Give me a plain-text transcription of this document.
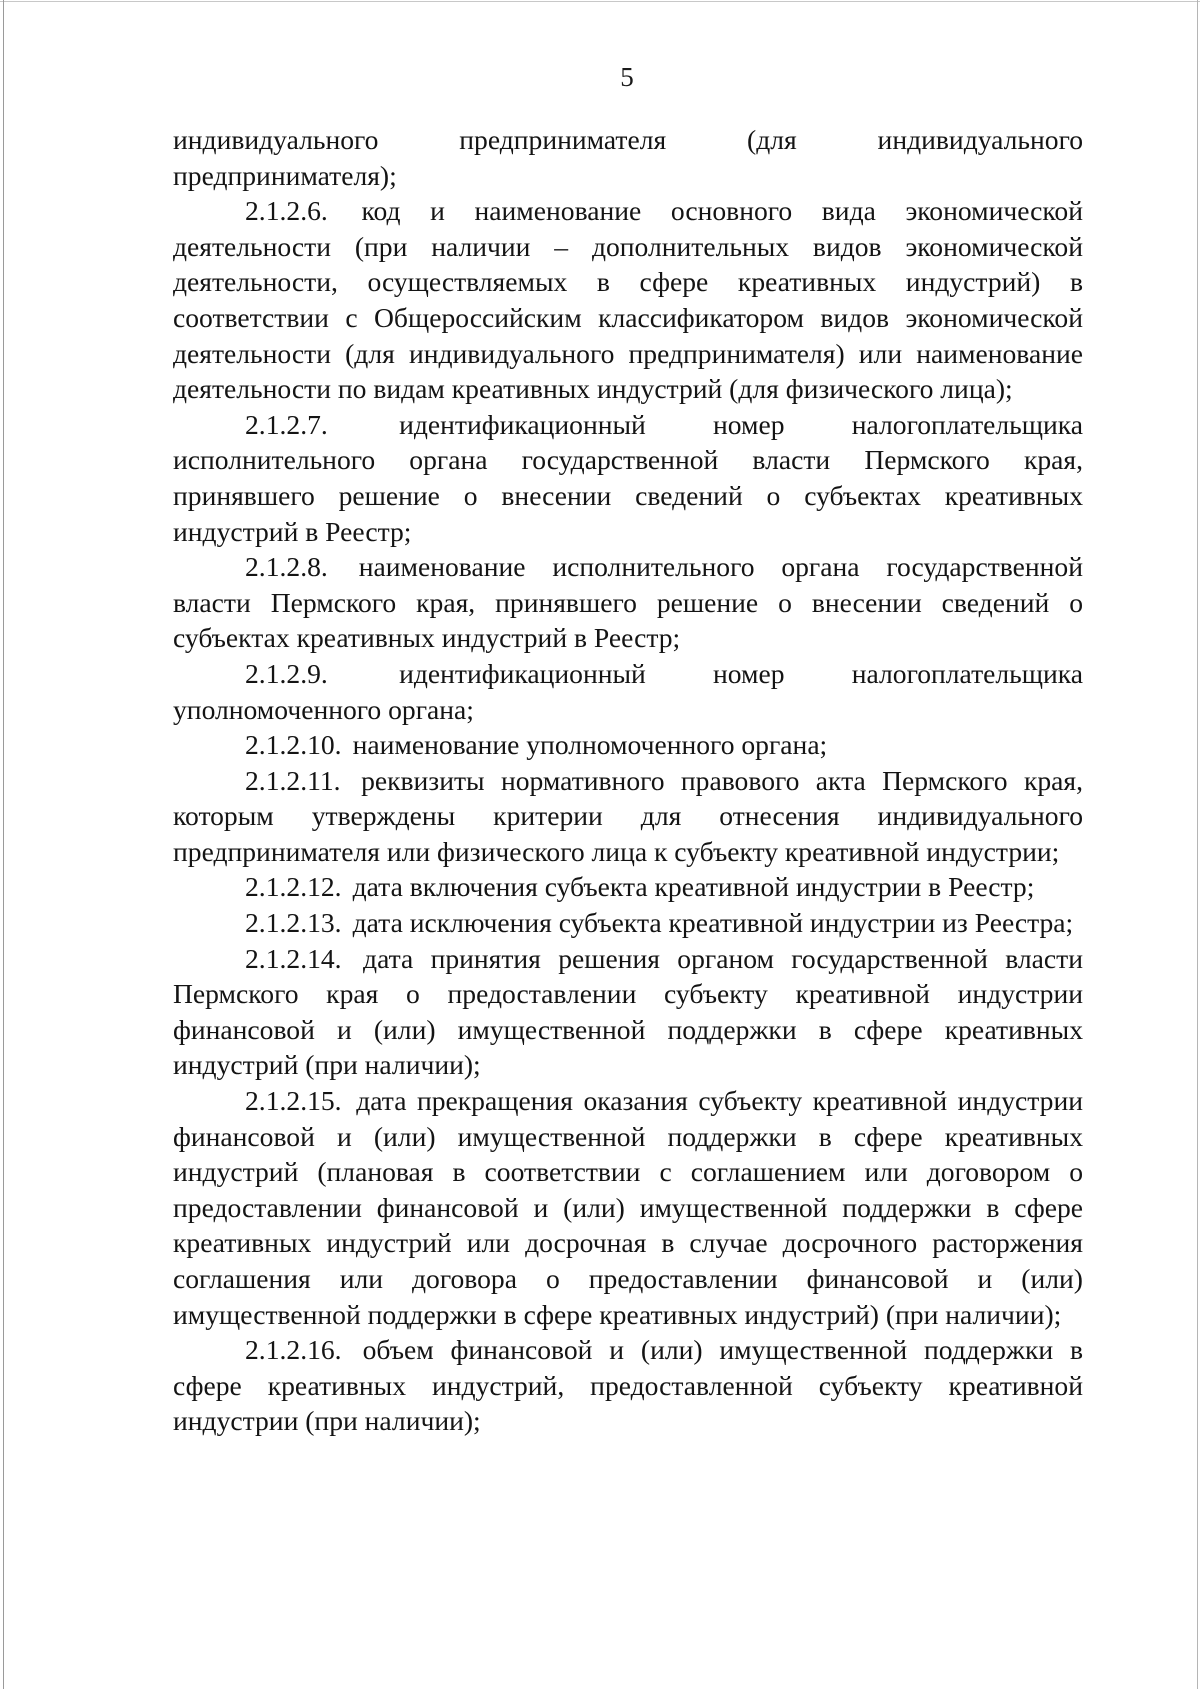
5

индивидуального предпринимателя (для индивидуального предпринимателя);

2.1.2.6. код и наименование основного вида экономической деятельности (при наличии – дополнительных видов экономической деятельности, осуществляемых в сфере креативных индустрий) в соответствии с Общероссийским классификатором видов экономической деятельности (для индивидуального предпринимателя) или наименование деятельности по видам креативных индустрий (для физического лица);

2.1.2.7.	идентификационный номер налогоплательщика исполнительного органа государственной власти Пермского края, принявшего решение о внесении сведений о субъектах креативных индустрий в Реестр;

2.1.2.8. наименование исполнительного органа государственной власти Пермского края, принявшего решение о внесении сведений о субъектах креативных индустрий в Реестр;

2.1.2.9.	идентификационный номер налогоплательщика уполномоченного органа;

2.1.2.10. наименование уполномоченного органа;

2.1.2.11. реквизиты нормативного правового акта Пермского края, которым утверждены критерии для отнесения индивидуального предпринимателя или физического лица к субъекту креативной индустрии;

2.1.2.12. дата включения субъекта креативной индустрии в Реестр;

2.1.2.13. дата исключения субъекта креативной индустрии из Реестра;

2.1.2.14. дата принятия решения органом государственной власти Пермского края о предоставлении субъекту креативной индустрии финансовой и (или) имущественной поддержки в сфере креативных индустрий (при наличии);

2.1.2.15. дата прекращения оказания субъекту креативной индустрии финансовой и (или) имущественной поддержки в сфере креативных индустрий (плановая в соответствии с соглашением или договором о предоставлении финансовой и (или) имущественной поддержки в сфере креативных индустрий или досрочная в случае досрочного расторжения соглашения или договора о предоставлении финансовой и (или) имущественной поддержки в сфере креативных индустрий) (при наличии);

2.1.2.16. объем финансовой и (или) имущественной поддержки в сфере креативных индустрий, предоставленной субъекту креативной индустрии (при наличии);
